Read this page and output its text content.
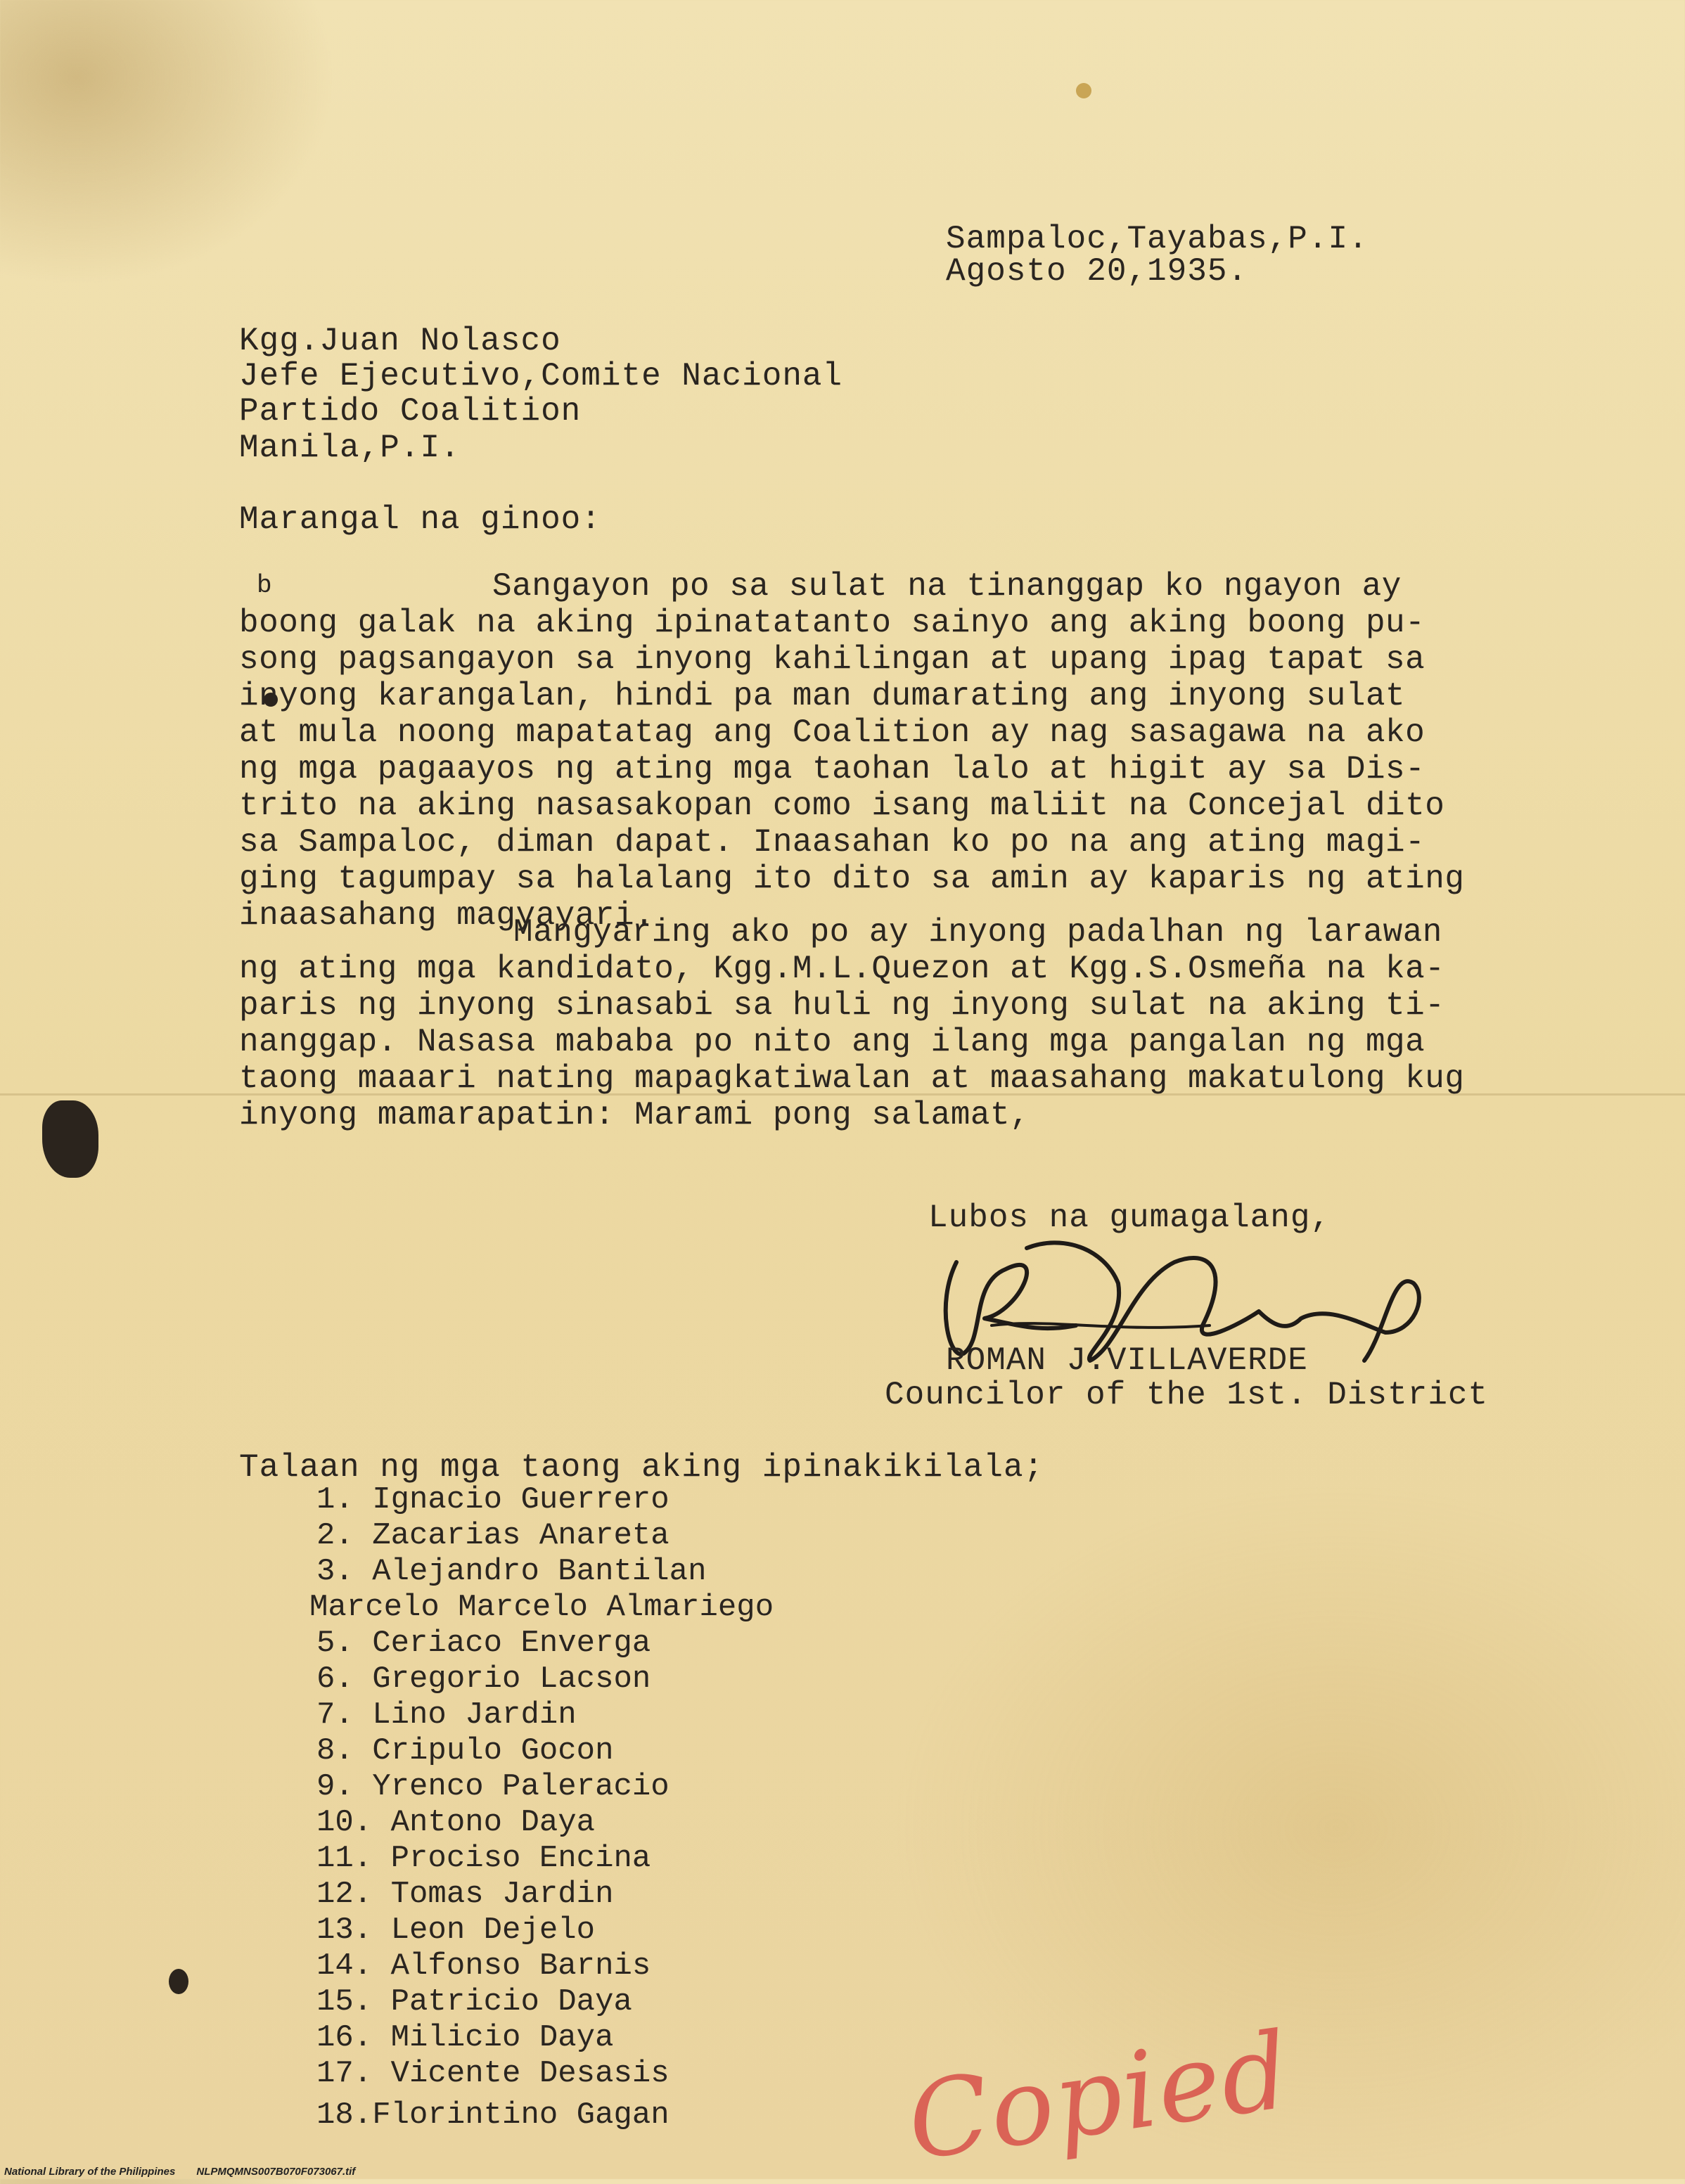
Sampaloc,Tayabas,P.I.
Agosto 20,1935.
Kgg.Juan Nolasco
Jefe Ejecutivo,Comite Nacional
Partido Coalition
Manila,P.I.
Marangal na ginoo:
b	Sangayon po sa sulat na tinanggap ko ngayon ay
boong galak na aking ipinatatanto sainyo ang aking boong pu-
song pagsangayon sa inyong kahilingan at upang ipag tapat sa
inyong karangalan, hindi pa man dumarating ang inyong sulat
at mula noong mapatatag ang Coalition ay nag sasagawa na ako
ng mga pagaayos ng ating mga taohan lalo at higit ay sa Dis-
trito na aking nasasakopan como isang maliit na Concejal dito
sa Sampaloc, diman dapat. Inaasahan ko po na ang ating magi-
ging tagumpay sa halalang ito dito sa amin ay kaparis ng ating
inaasahang magyayari.
Mangyaring ako po ay inyong padalhan ng larawan
ng ating mga kandidato, Kgg.M.L.Quezon at Kgg.S.Osmeña na ka-
paris ng inyong sinasabi sa huli ng inyong sulat na aking ti-
nanggap. Nasasa mababa po nito ang ilang mga pangalan ng mga
taong maaari nating mapagkatiwalan at maasahang makatulong kug
inyong mamarapatin: Marami pong salamat,
Lubos na gumagalang,
ROMAN J.VILLAVERDE
Councilor of the 1st. District
Talaan ng mga taong aking ipinakikilala;
1. Ignacio Guerrero
2. Zacarias Anareta
3. Alejandro Bantilan
Marcelo Marcelo Almariego
5. Ceriaco Enverga
6. Gregorio Lacson
7. Lino Jardin
8. Cripulo Gocon
9. Yrenco Paleracio
10. Antono Daya
11. Prociso Encina
12. Tomas Jardin
13. Leon Dejelo
14. Alfonso Barnis
15. Patricio Daya
16. Milicio Daya
17. Vicente Desasis
18.Florintino Gagan	Copied
National Library of the Philippines NLPMQMNS007B070F073067.tif
